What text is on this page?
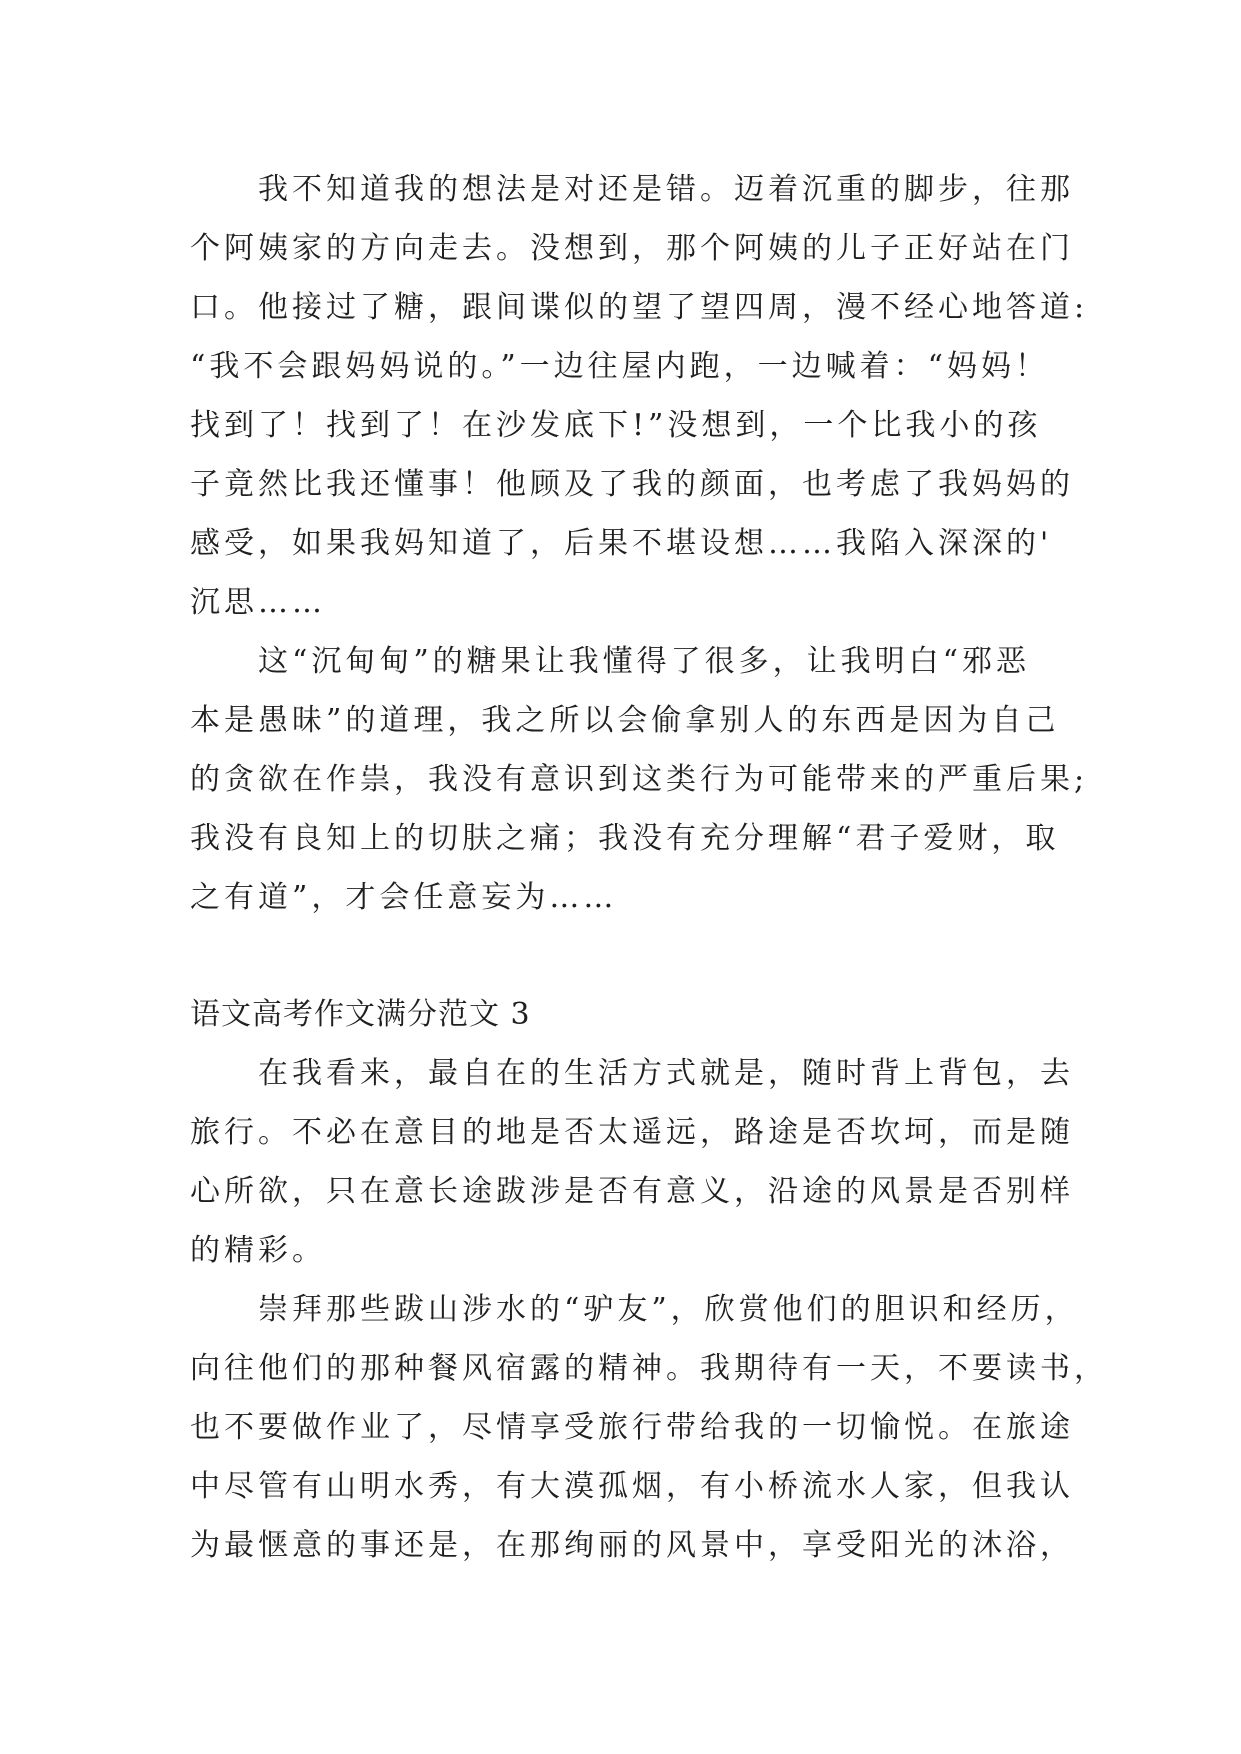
我不知道我的想法是对还是错。迈着沉重的脚步，往那
个阿姨家的方向走去。没想到，那个阿姨的儿子正好站在门
口。他接过了糖，跟间谍似的望了望四周，漫不经心地答道:
“我不会跟妈妈说的。”一边往屋内跑，一边喊着：“妈妈！
找到了！找到了！在沙发底下!”没想到，一个比我小的孩
子竟然比我还懂事！他顾及了我的颜面，也考虑了我妈妈的
感受，如果我妈知道了，后果不堪设想……我陷入深深的'
沉思……
这“沉甸甸”的糖果让我懂得了很多，让我明白“邪恶
本是愚昧”的道理，我之所以会偷拿别人的东西是因为自己
的贪欲在作祟，我没有意识到这类行为可能带来的严重后果;
我没有良知上的切肤之痛；我没有充分理解“君子爱财，取
之有道”，才会任意妄为……
语文高考作文满分范文 3
在我看来，最自在的生活方式就是，随时背上背包，去
旅行。不必在意目的地是否太遥远，路途是否坎坷，而是随
心所欲，只在意长途跋涉是否有意义，沿途的风景是否别样
的精彩。
崇拜那些跋山涉水的“驴友”，欣赏他们的胆识和经历，
向往他们的那种餐风宿露的精神。我期待有一天，不要读书，
也不要做作业了，尽情享受旅行带给我的一切愉悦。在旅途
中尽管有山明水秀，有大漠孤烟，有小桥流水人家，但我认
为最惬意的事还是，在那绚丽的风景中，享受阳光的沐浴，
